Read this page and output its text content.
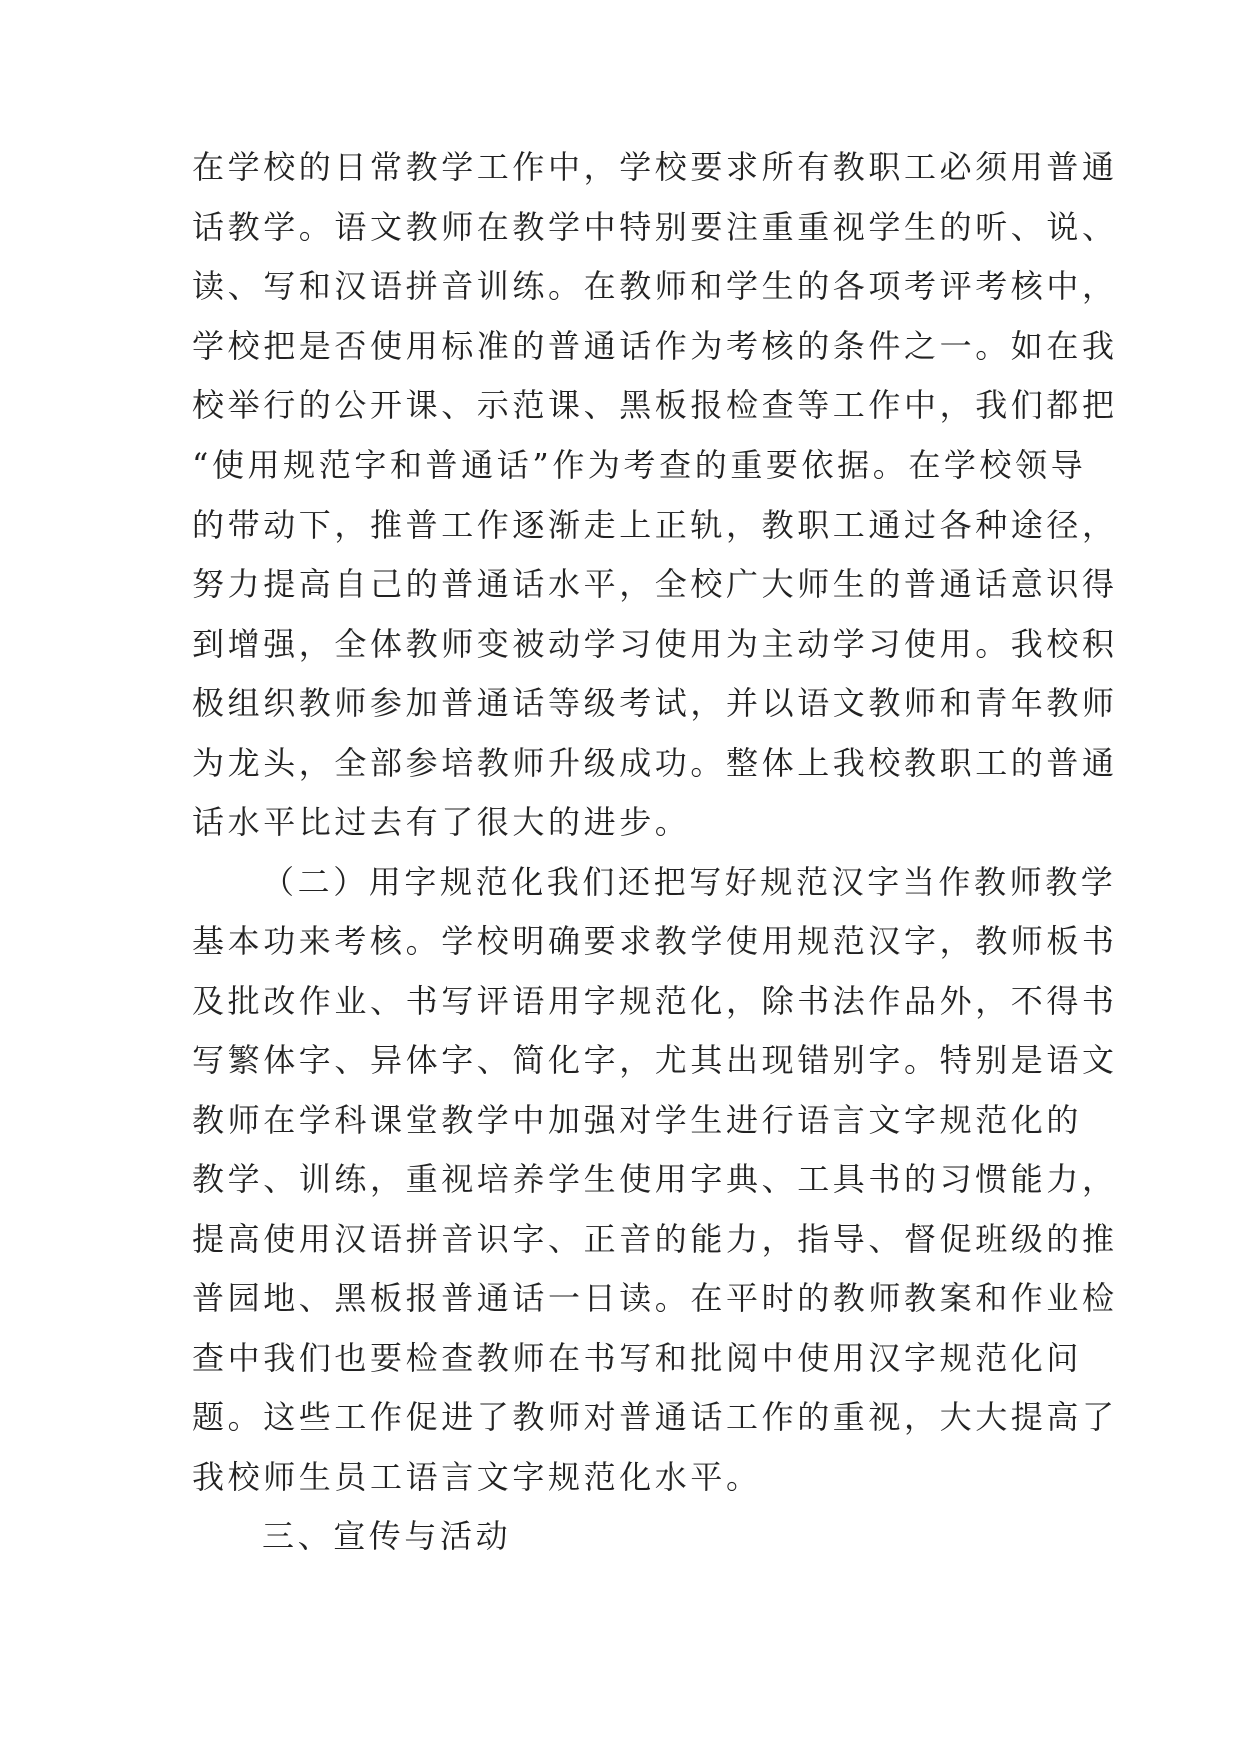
在学校的日常教学工作中，学校要求所有教职工必须用普通
话教学。语文教师在教学中特别要注重重视学生的听、说、
读、写和汉语拼音训练。在教师和学生的各项考评考核中，
学校把是否使用标准的普通话作为考核的条件之一。如在我
校举行的公开课、示范课、黑板报检查等工作中，我们都把
“使用规范字和普通话”作为考查的重要依据。在学校领导
的带动下，推普工作逐渐走上正轨，教职工通过各种途径，
努力提高自己的普通话水平，全校广大师生的普通话意识得
到增强，全体教师变被动学习使用为主动学习使用。我校积
极组织教师参加普通话等级考试，并以语文教师和青年教师
为龙头，全部参培教师升级成功。整体上我校教职工的普通
话水平比过去有了很大的进步。
（二）用字规范化我们还把写好规范汉字当作教师教学
基本功来考核。学校明确要求教学使用规范汉字，教师板书
及批改作业、书写评语用字规范化，除书法作品外，不得书
写繁体字、异体字、简化字，尤其出现错别字。特别是语文
教师在学科课堂教学中加强对学生进行语言文字规范化的
教学、训练，重视培养学生使用字典、工具书的习惯能力，
提高使用汉语拼音识字、正音的能力，指导、督促班级的推
普园地、黑板报普通话一日读。在平时的教师教案和作业检
查中我们也要检查教师在书写和批阅中使用汉字规范化问
题。这些工作促进了教师对普通话工作的重视，大大提高了
我校师生员工语言文字规范化水平。
三、宣传与活动
